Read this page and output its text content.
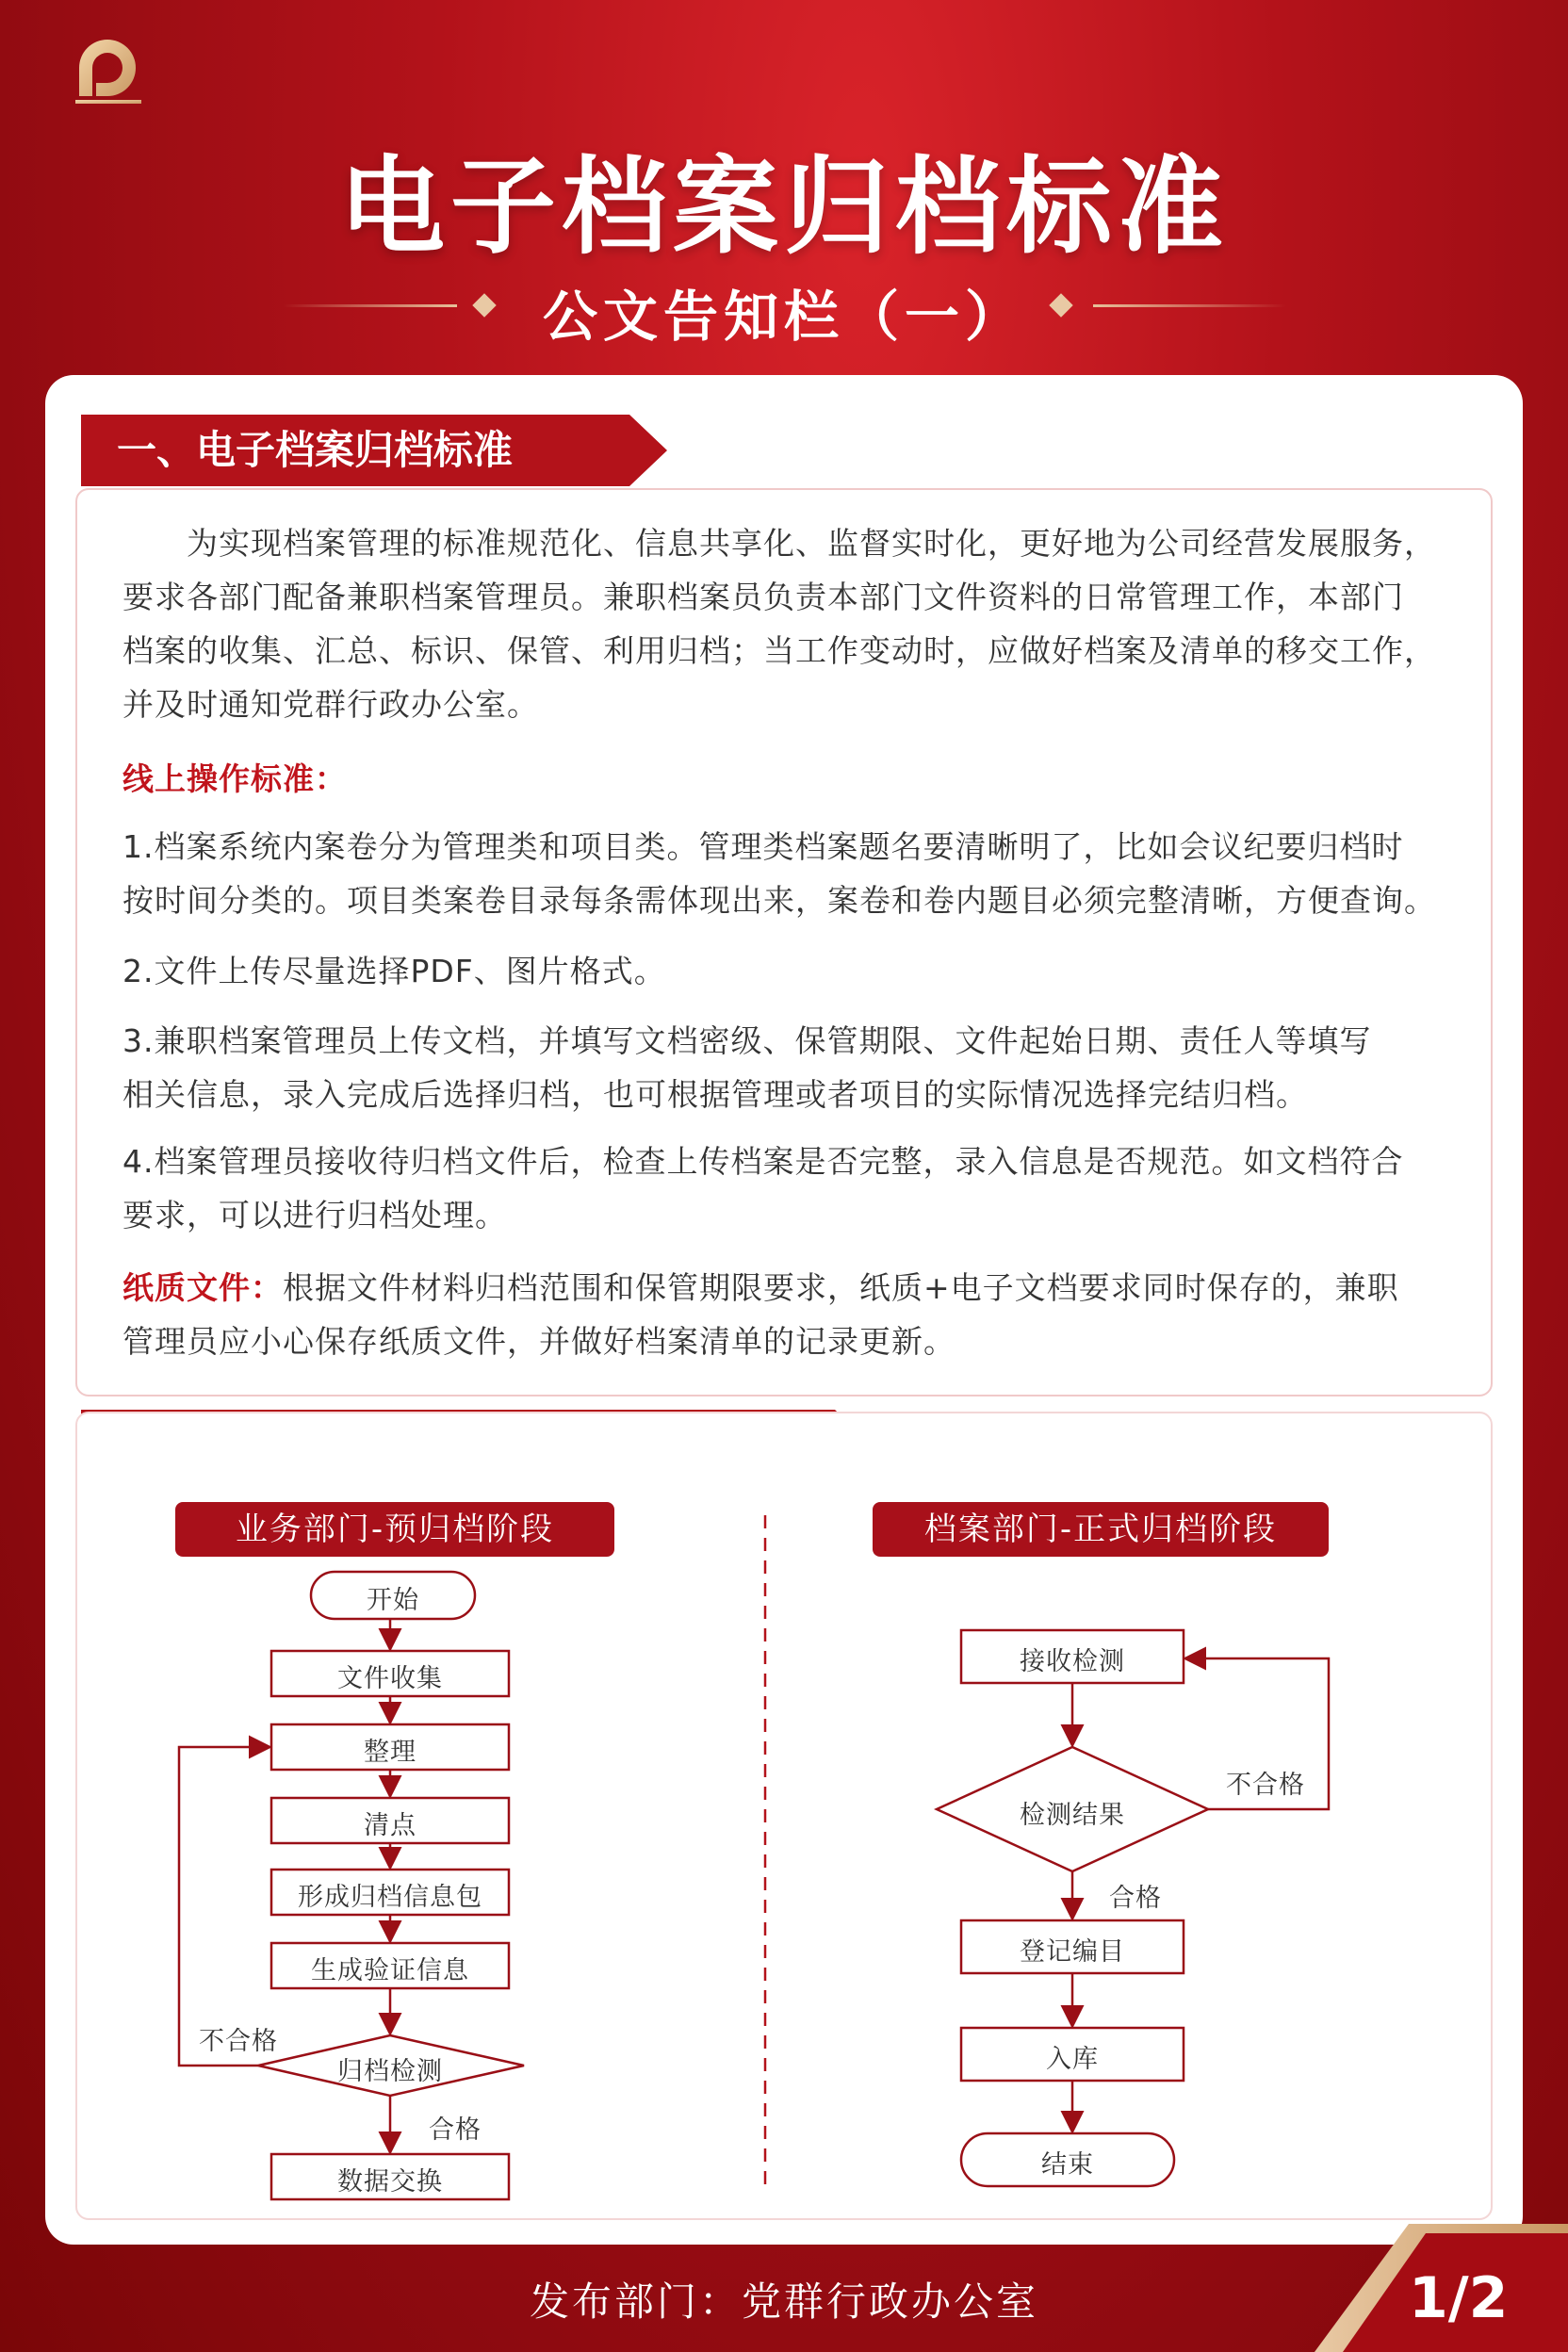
电子档案归档标准
公文告知栏（一）
一、电子档案归档标准
为实现档案管理的标准规范化、信息共享化、监督实时化，更好地为公司经营发展服务，
要求各部门配备兼职档案管理员。兼职档案员负责本部门文件资料的日常管理工作，本部门
档案的收集、汇总、标识、保管、利用归档；当工作变动时，应做好档案及清单的移交工作，
并及时通知党群行政办公室。
线上操作标准：
1.档案系统内案卷分为管理类和项目类。管理类档案题名要清晰明了，比如会议纪要归档时
按时间分类的。项目类案卷目录每条需体现出来，案卷和卷内题目必须完整清晰，方便查询。
2.文件上传尽量选择PDF、图片格式。
3.兼职档案管理员上传文档，并填写文档密级、保管期限、文件起始日期、责任人等填写
相关信息，录入完成后选择归档，也可根据管理或者项目的实际情况选择完结归档。
4.档案管理员接收待归档文件后，检查上传档案是否完整，录入信息是否规范。如文档符合
要求，可以进行归档处理。
纸质文件：根据文件材料归档范围和保管期限要求，纸质+电子文档要求同时保存的，兼职
管理员应小心保存纸质文件，并做好档案清单的记录更新。
业务部门-预归档阶段	档案部门-正式归档阶段
开始
文件收集
整理
清点
形成归档信息包
生成验证信息
归档检测
不合格
合格
数据交换
接收检测
检测结果
不合格
合格
登记编目
入库
结束
发布部门：党群行政办公室	1/2
